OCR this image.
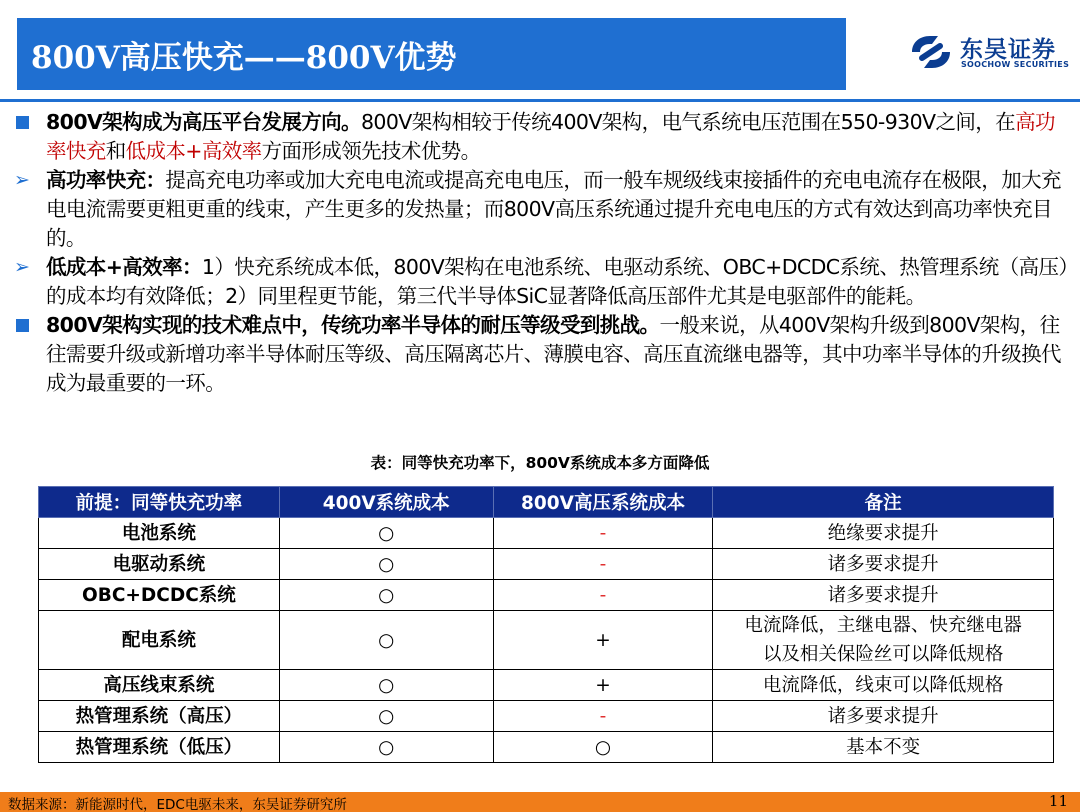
800V高压快充——800V优势	东吴证券
SOOCHOW SECURITIES
800V架构成为高压平台发展方向。800V架构相较于传统400V架构，电气系统电压范围在550-930V之间，在高功率快充和低成本+高效率方面形成领先技术优势。
➢ 高功率快充：提高充电功率或加大充电电流或提高充电电压，而一般车规级线束接插件的充电电流存在极限，加大充电电流需要更粗更重的线束，产生更多的发热量；而800V高压系统通过提升充电电压的方式有效达到高功率快充目的。
➢ 低成本+高效率：1）快充系统成本低，800V架构在电池系统、电驱动系统、OBC+DCDC系统、热管理系统（高压）的成本均有效降低；2）同里程更节能，第三代半导体SiC显著降低高压部件尤其是电驱部件的能耗。
800V架构实现的技术难点中，传统功率半导体的耐压等级受到挑战。一般来说，从400V架构升级到800V架构，往往需要升级或新增功率半导体耐压等级、高压隔离芯片、薄膜电容、高压直流继电器等，其中功率半导体的升级换代成为最重要的一环。
表：同等快充功率下，800V系统成本多方面降低
前提：同等快充功率	400V系统成本	800V高压系统成本	备注
电池系统	○	-	绝缘要求提升
电驱动系统	○	-	诸多要求提升
OBC+DCDC系统	○	-	诸多要求提升
配电系统	○	+	电流降低，主继电器、快充继电器
以及相关保险丝可以降低规格

高压线束系统	○	+	电流降低，线束可以降低规格
热管理系统（高压）	○	-	诸多要求提升
热管理系统（低压）	○	○	基本不变
数据来源：新能源时代，EDC电驱未来，东吴证券研究所	11
